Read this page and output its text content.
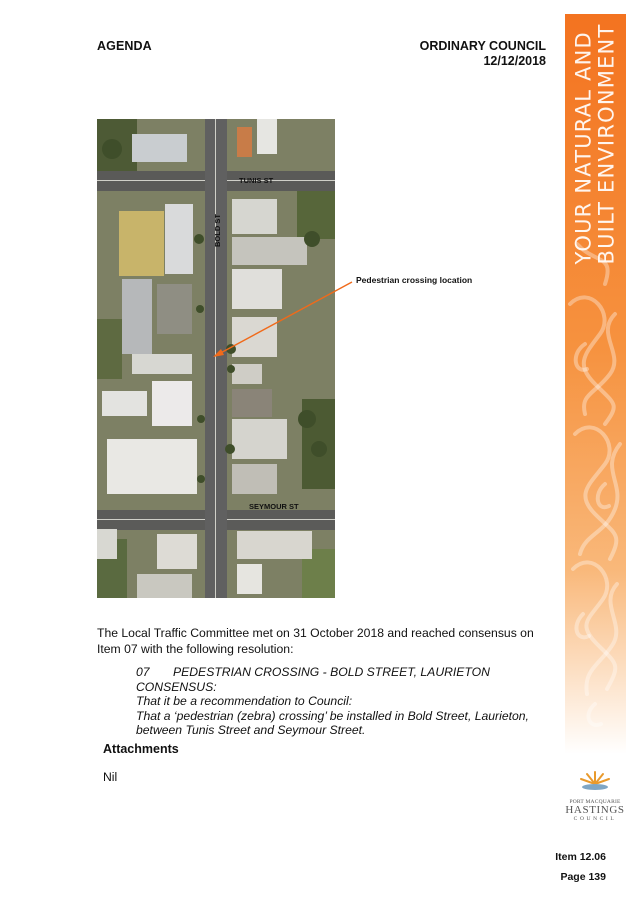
AGENDA	ORDINARY COUNCIL
12/12/2018 YOUR NATURAL AND BUILT ENVIRONMENT
TUNIS ST
SEYMOUR ST
BOLD ST
Pedestrian crossing location
The Local Traffic Committee met on 31 October 2018 and reached consensus on Item 07 with the following resolution:
07 PEDESTRIAN CROSSING - BOLD STREET, LAURIETON
CONSENSUS:
That it be a recommendation to Council:
That a ‘pedestrian (zebra) crossing’ be installed in Bold Street, Laurieton, between Tunis Street and Seymour Street.
Attachments
Nil
PORT MACQUARIE
HASTINGS
COUNCIL
Item 12.06
Page 139
